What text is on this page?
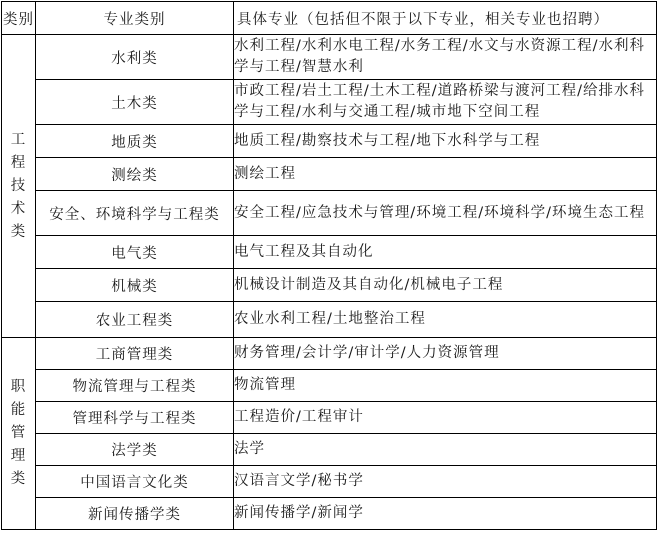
类别	专业类别	具体专业（包括但不限于以下专业，相关专业也招聘）
工程技术类	水利类	水利工程/水利水电工程/水务工程/水文与水资源工程/水利科学与工程/智慧水利
	土木类	市政工程/岩土工程/土木工程/道路桥梁与渡河工程/给排水科学与工程/水利与交通工程/城市地下空间工程
	地质类	地质工程/勘察技术与工程/地下水科学与工程
	测绘类	测绘工程
	安全、环境科学与工程类	安全工程/应急技术与管理/环境工程/环境科学/环境生态工程
	电气类	电气工程及其自动化
	机械类	机械设计制造及其自动化/机械电子工程
	农业工程类	农业水利工程/土地整治工程
职能管理类	工商管理类	财务管理/会计学/审计学/人力资源管理
	物流管理与工程类	物流管理
	管理科学与工程类	工程造价/工程审计
	法学类	法学
	中国语言文化类	汉语言文学/秘书学
	新闻传播学类	新闻传播学/新闻学
